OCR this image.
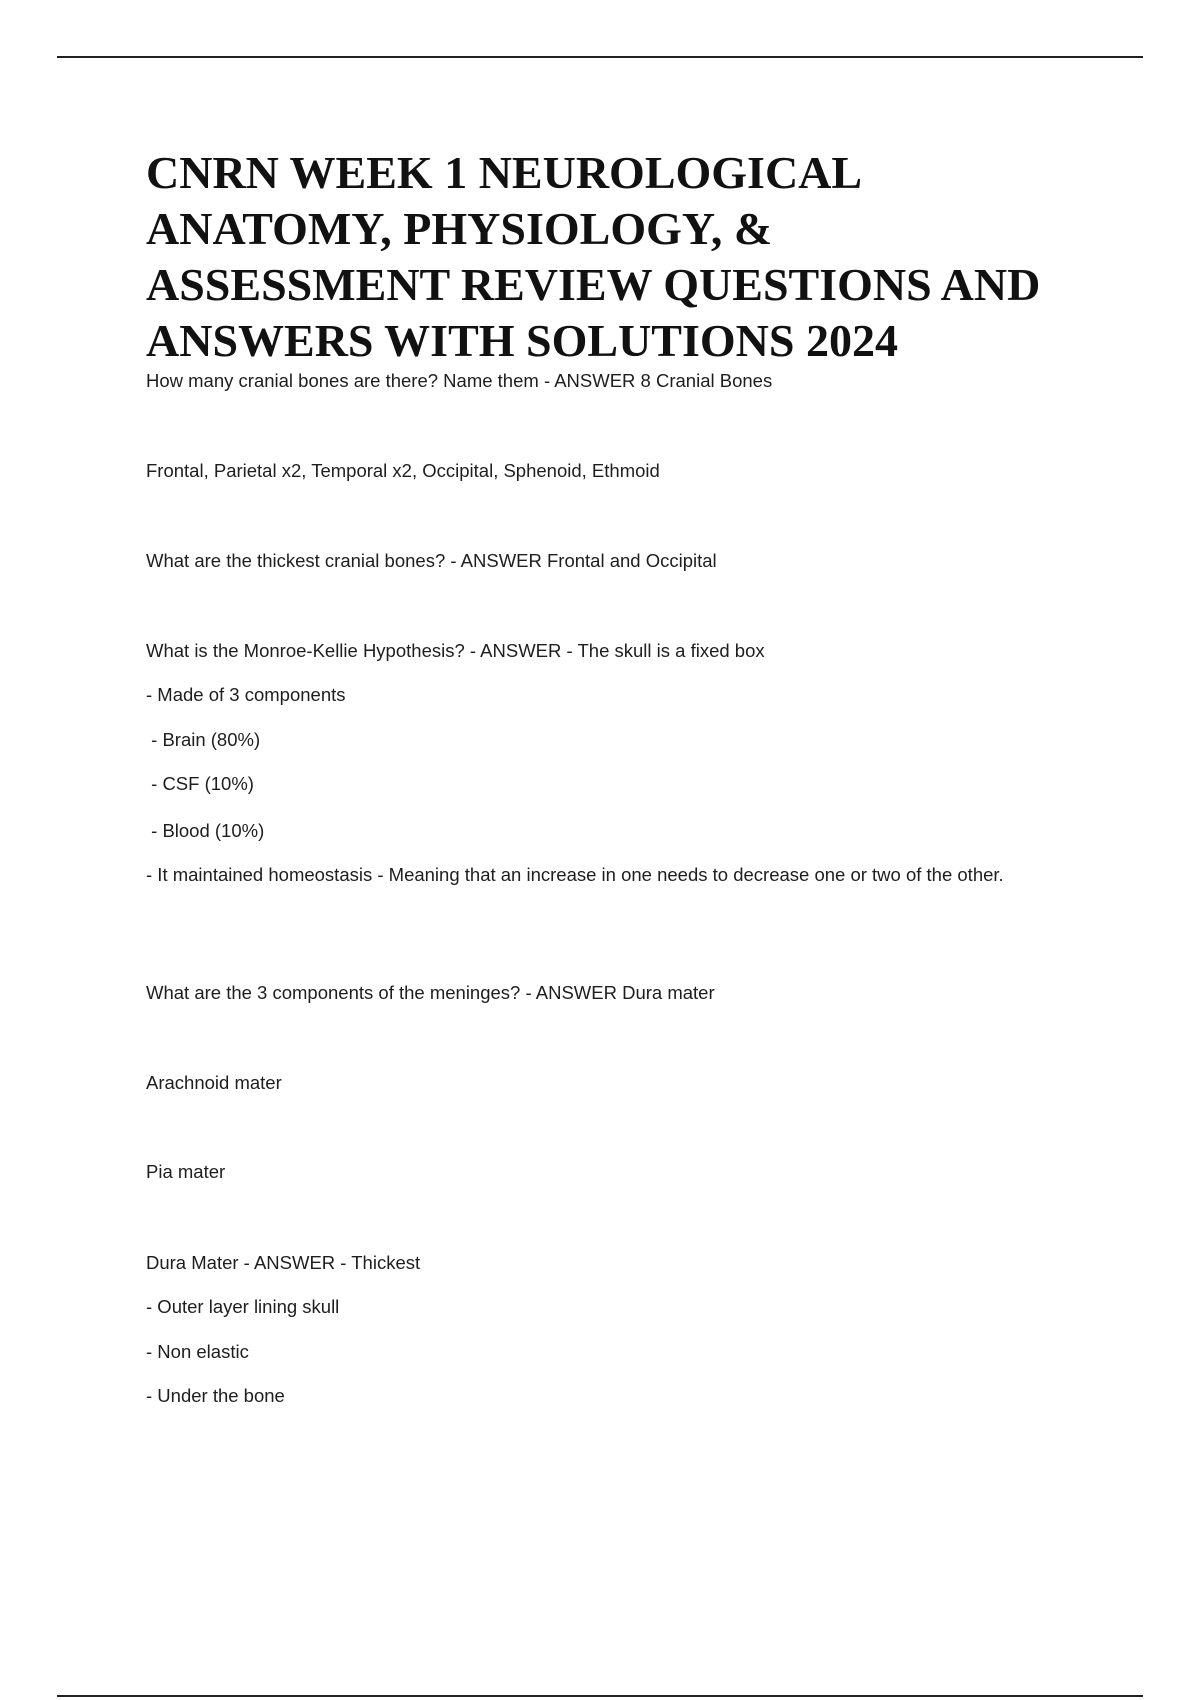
CNRN WEEK 1 NEUROLOGICAL
ANATOMY, PHYSIOLOGY, &
ASSESSMENT REVIEW QUESTIONS AND
ANSWERS WITH SOLUTIONS 2024

How many cranial bones are there? Name them - ANSWER 8 Cranial Bones

Frontal, Parietal x2, Temporal x2, Occipital, Sphenoid, Ethmoid

What are the thickest cranial bones? - ANSWER Frontal and Occipital

What is the Monroe-Kellie Hypothesis? - ANSWER - The skull is a fixed box

- Made of 3 components

- Brain (80%)

- CSF (10%)

- Blood (10%)

- It maintained homeostasis - Meaning that an increase in one needs to decrease one or two of the other.

What are the 3 components of the meninges? - ANSWER Dura mater

Arachnoid mater

Pia mater

Dura Mater - ANSWER - Thickest

- Outer layer lining skull

- Non elastic

- Under the bone
